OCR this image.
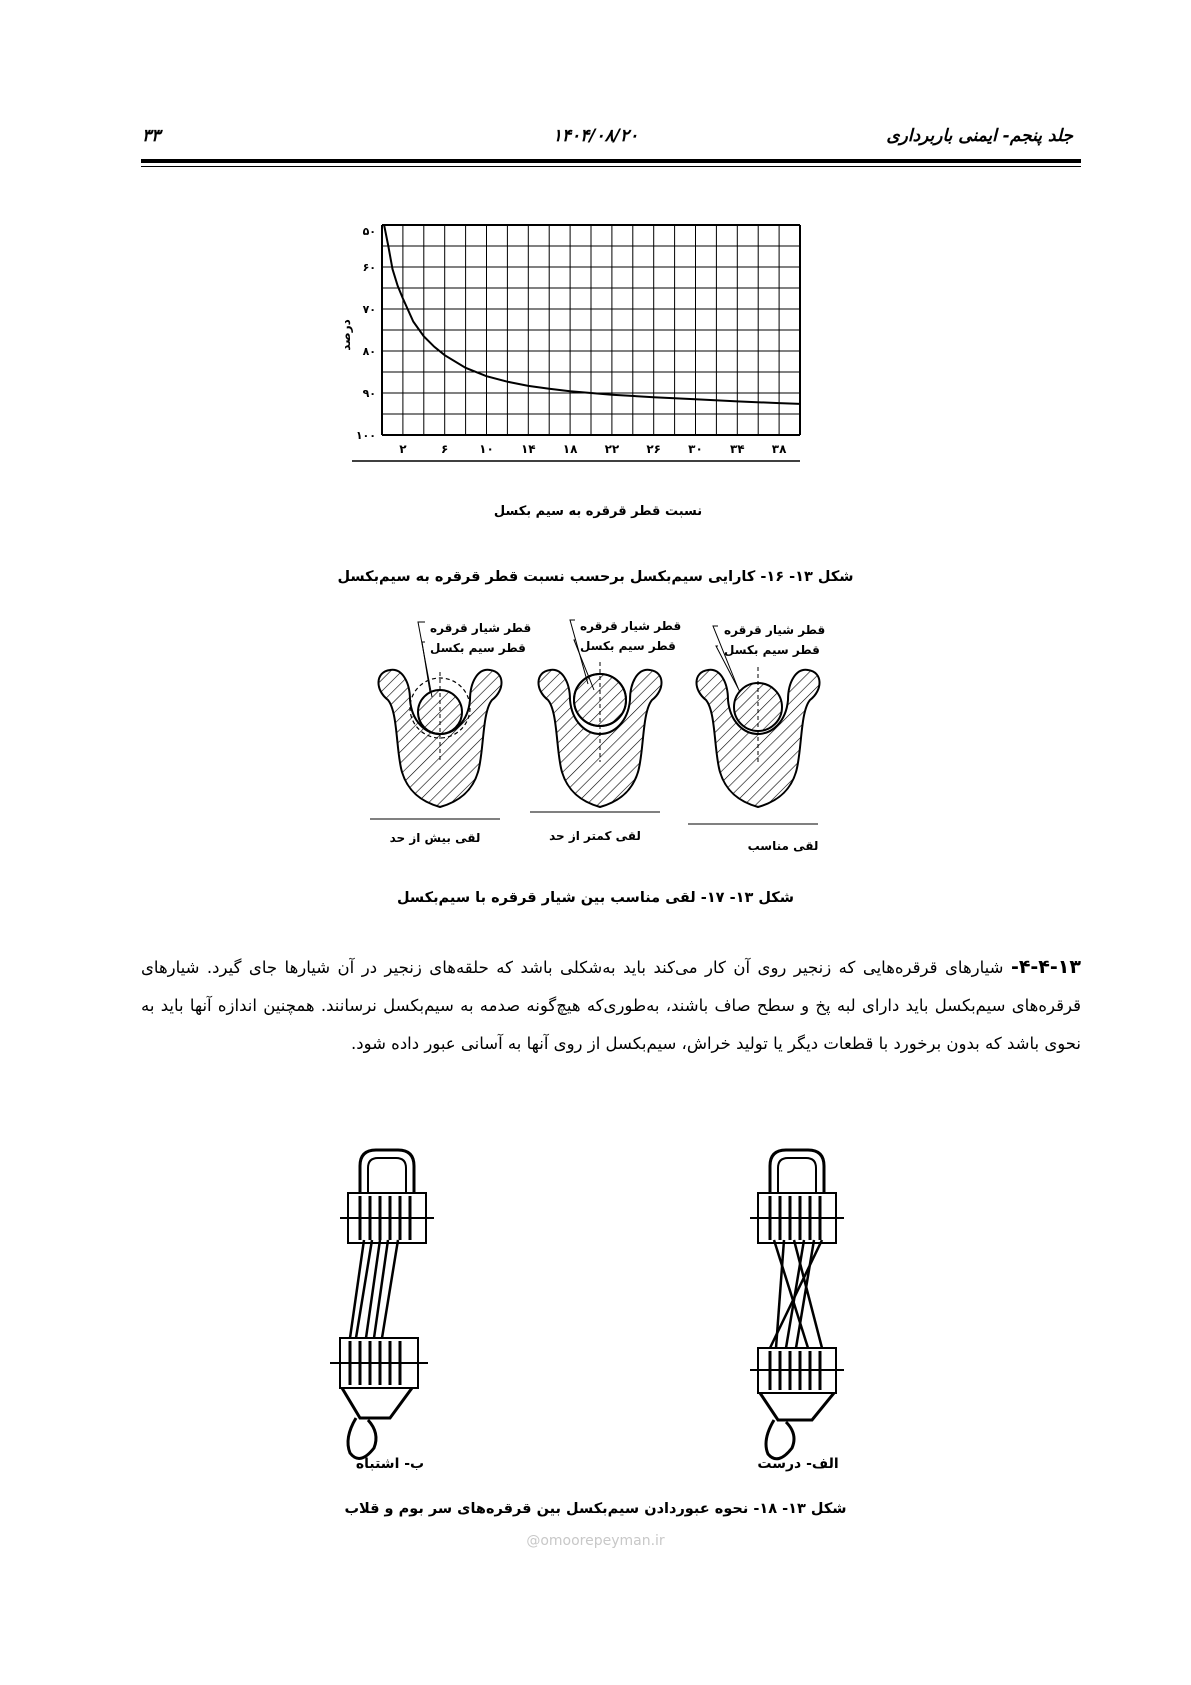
جلد پنجم- ایمنی باربرداری
۱۴۰۴/۰۸/۲۰
۳۳
۵۰
۶۰
۷۰
۸۰
۹۰
۱۰۰
۲	۶	۱۰ ۱۴ ۱۸ ۲۲ ۲۶ ۳۰ ۳۴ ۳۸
درصد
نسبت قطر قرقره به سیم بکسل
شکل ۱۳- ۱۶- کارایی سیم‌بکسل برحسب نسبت قطر قرقره به سیم‌بکسل
قطر شیار قرقره
قطر سیم بکسل
لقی بیش از حد
قطر شیار قرقره
قطر سیم بکسل
لقی کمتر از حد
قطر شیار قرقره
قطر سیم بکسل
لقی مناسب
شکل ۱۳- ۱۷- لقی مناسب بین شیار قرقره با سیم‌بکسل
۴-۴-۱۳- شیارهای قرقره‌هایی که زنجیر روی آن کار می‌کند باید به‌شکلی باشد که حلقه‌های زنجیر در آن شیارها جای گیرد. شیارهای قرقره‌های سیم‌بکسل باید دارای لبه پخ و سطح صاف باشند، به‌طوری‌که هیچ‌گونه صدمه به سیم‌بکسل نرسانند. همچنین اندازه آنها باید به نحوی باشد که بدون برخورد با قطعات دیگر یا تولید خراش، سیم‌بکسل از روی آنها به آسانی عبور داده شود.
ب- اشتباه	الف- درست
شکل ۱۳- ۱۸- نحوه عبوردادن سیم‌بکسل بین قرقره‌های سر بوم و قلاب
@omoorepeyman.ir
